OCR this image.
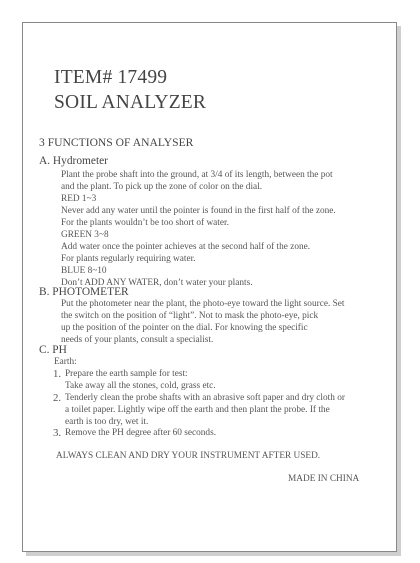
ITEM# 17499
SOIL ANALYZER
3 FUNCTIONS OF ANALYSER
A. Hydrometer
Plant the probe shaft into the ground, at 3/4 of its length, between the pot
and the plant. To pick up the zone of color on the dial.
RED 1~3
Never add any water until the pointer is found in the first half of the zone.
For the plants wouldn’t be too short of water.
GREEN 3~8
Add water once the pointer achieves at the second half of the zone.
For plants regularly requiring water.
BLUE 8~10
Don’t ADD ANY WATER, don’t water your plants.
B. PHOTOMETER
Put the photometer near the plant, the photo-eye toward the light source. Set
the switch on the position of “light”. Not to mask the photo-eye, pick
up the position of the pointer on the dial. For knowing the specific
needs of your plants, consult a specialist.
C. PH
Earth:
1. Prepare the earth sample for test:
Take away all the stones, cold, grass etc.
2. Tenderly clean the probe shafts with an abrasive soft paper and dry cloth or
a toilet paper. Lightly wipe off the earth and then plant the probe. If the
earth is too dry, wet it.
3. Remove the PH degree after 60 seconds.
ALWAYS CLEAN AND DRY YOUR INSTRUMENT AFTER USED.
MADE IN CHINA
